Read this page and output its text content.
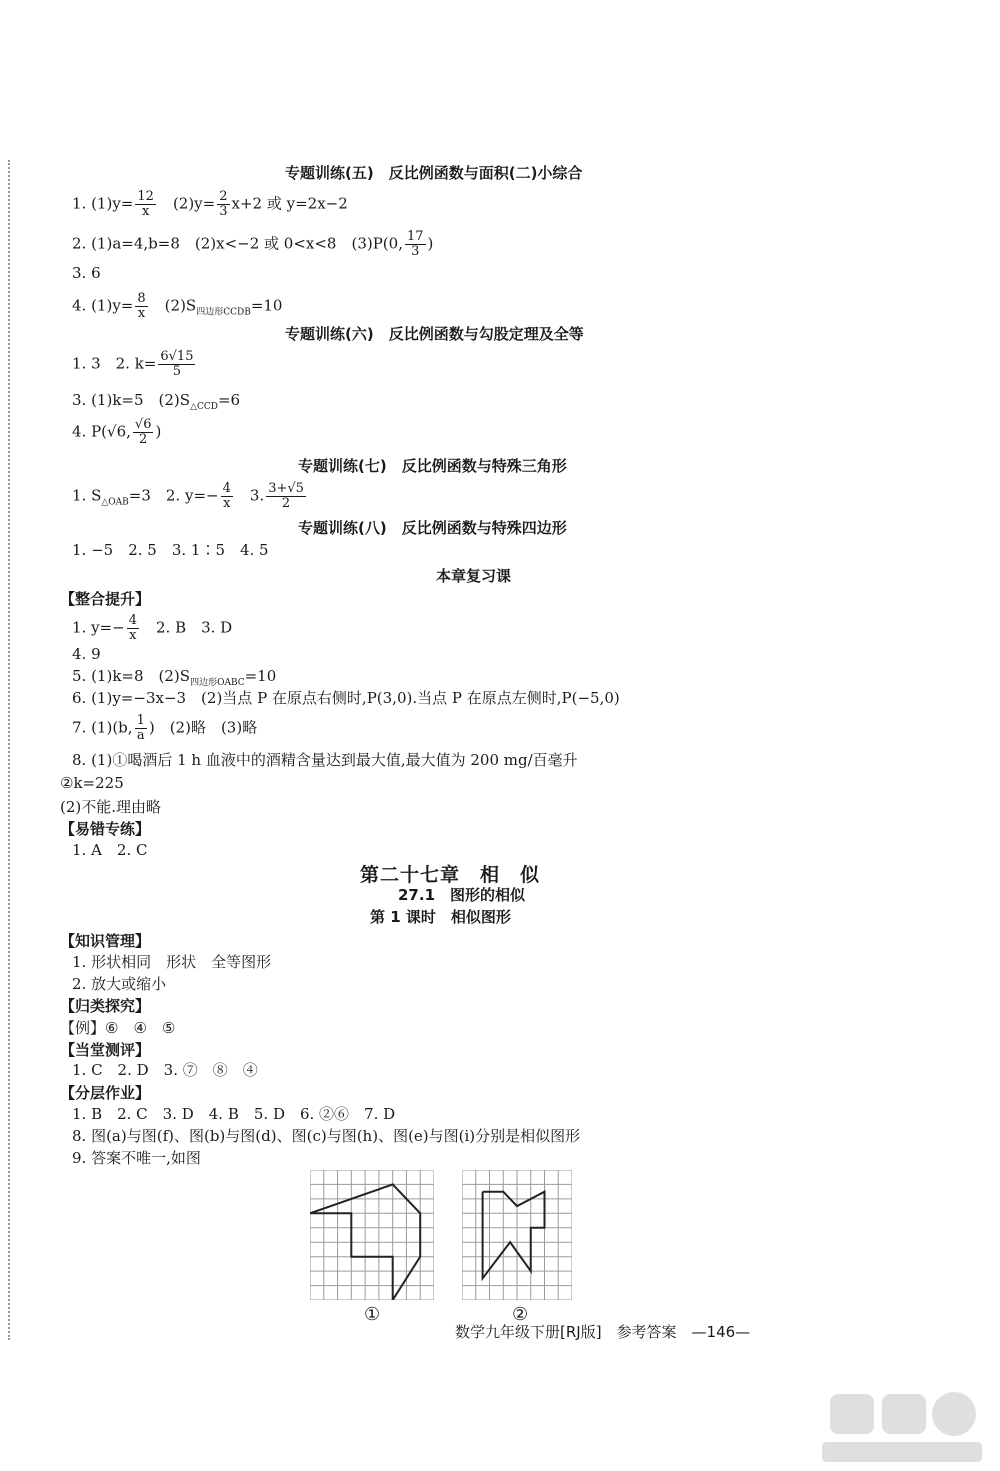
专题训练(五)　反比例函数与面积(二)小综合
1. $(1)y= \frac{12}{x}$
　 $(2)y= \frac{2}{3} x+2$ 或 y=2x−2
2. (1)a=4,b=8　(2)x<−2 或 0<x<8　(3)P(0, $\frac{17}{3}$ )
3. 6
4. $(1)y= \frac{8}{x}$
　 $(2)S_{四边形CCDB}=10$
专题训练(六)　反比例函数与勾股定理及全等
1. 3　2. $k= \frac{6√15}{5}$
3. (1)k=5　$(2)S_{\triangle CCD}=6$
4. P(√6, $\frac{√6}{2}$ )
专题训练(七)　反比例函数与特殊三角形
1. $S_{\triangle OAB}=3$　2. $y=- \frac{4}{x}$
　 3. $\frac{3+√5}{2}$
专题训练(八)　反比例函数与特殊四边形
1. −5　2. 5　3. 1∶5　4. 5
本章复习课
【整合提升】
1. $y=- \frac{4}{x}$
　 2. B　3. D
4. 9
5. (1)k=8　$(2)S_{四边形OABC}=10$
6. (1)y=−3x−3　(2)当点 P 在原点右侧时,P(3,0).当点 P 在原点左侧时,P(−5,0)
7. (1)(b, $\frac{1}{a}$ )　(2)略　(3)略
8. (1)①喝酒后 1 h 血液中的酒精含量达到最大值,最大值为 200 mg/百毫升
②k=225
(2)不能.理由略
【易错专练】
1. A　2. C
第二十七章　相　似
27.1　图形的相似
第 1 课时　相似图形
【知识管理】
1. 形状相同　形状　全等图形
2. 放大或缩小
【归类探究】
【例】⑥　④　⑤
【当堂测评】
1. C　2. D　3. ⑦　⑧　④
【分层作业】
1. B　2. C　3. D　4. B　5. D　6. ②⑥　7. D
8. 图(a)与图(f)、图(b)与图(d)、图(c)与图(h)、图(e)与图(i)分别是相似图形
9. 答案不唯一,如图
①	②
数学九年级下册[RJ版]　参考答案　—146—
